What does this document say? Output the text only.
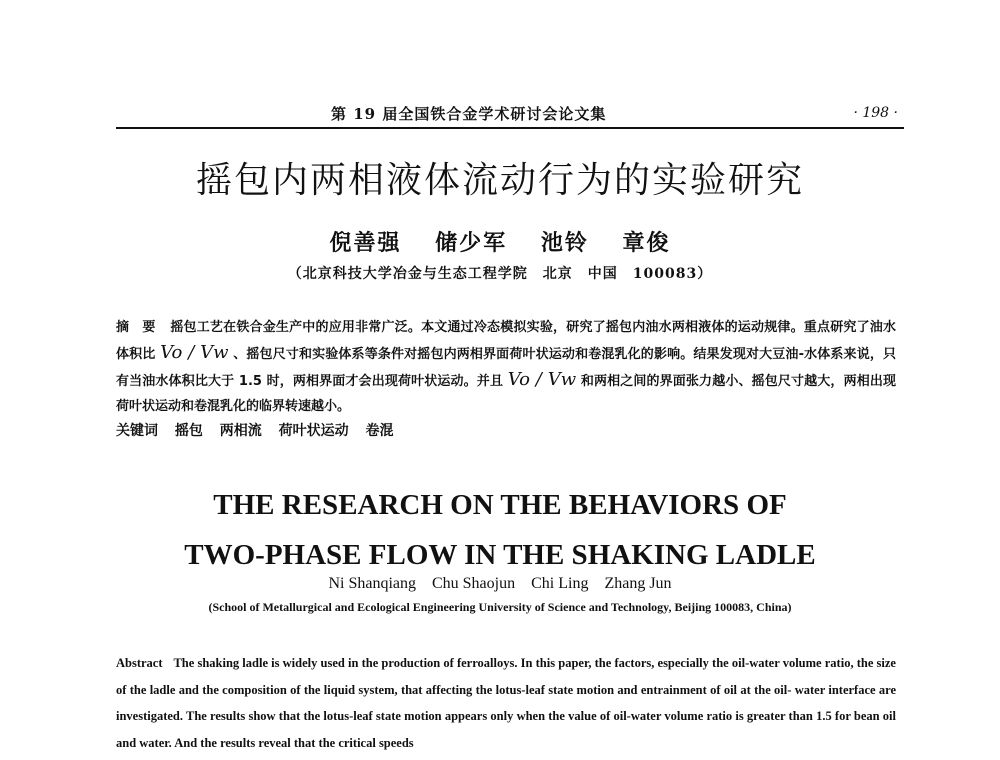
第 19 届全国铁合金学术研讨会论文集	· 198 ·
摇包内两相液体流动行为的实验研究
倪善强  储少军  池铃  章俊
（北京科技大学冶金与生态工程学院　北京　中国　100083）
摘　要 摇包工艺在铁合金生产中的应用非常广泛。本文通过冷态模拟实验，研究了摇包内油水两相液体的运动规律。重点研究了油水体积比 Vo / Vw 、摇包尺寸和实验体系等条件对摇包内两相界面荷叶状运动和卷混乳化的影响。结果发现对大豆油-水体系来说，只有当油水体积比大于 1.5 时，两相界面才会出现荷叶状运动。并且 Vo / Vw 和两相之间的界面张力越小、摇包尺寸越大，两相出现荷叶状运动和卷混乳化的临界转速越小。
关键词 摇包 两相流 荷叶状运动 卷混
THE RESEARCH ON THE BEHAVIORS OF
TWO-PHASE FLOW IN THE SHAKING LADLE
Ni Shanqiang　Chu Shaojun　Chi Ling　Zhang Jun
(School of Metallurgical and Ecological Engineering University of Science and Technology, Beijing 100083, China)
Abstract The shaking ladle is widely used in the production of ferroalloys. In this paper, the factors, especially the oil-water volume ratio, the size of the ladle and the composition of the liquid system, that affecting the lotus-leaf state motion and entrainment of oil at the oil- water interface are investigated. The results show that the lotus-leaf state motion appears only when the value of oil-water volume ratio is greater than 1.5 for bean oil and water. And the results reveal that the critical speeds
